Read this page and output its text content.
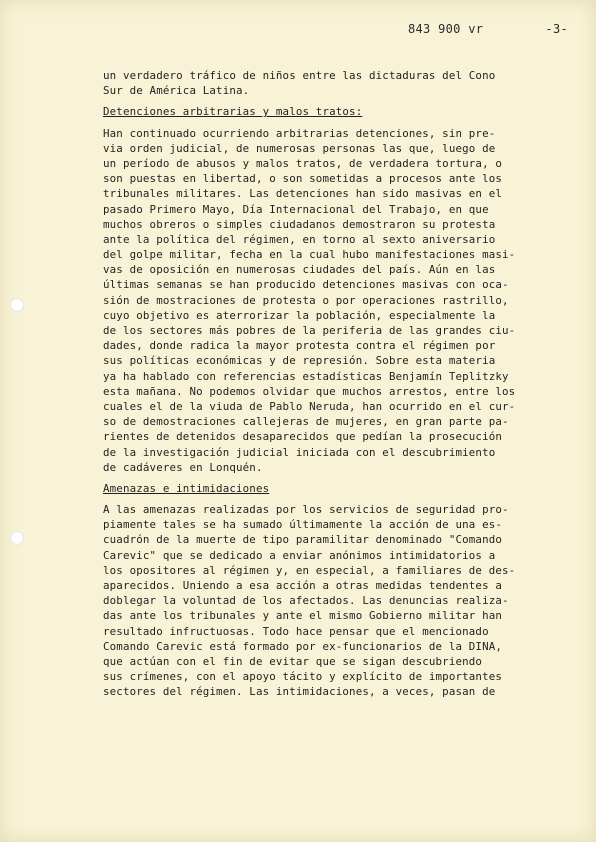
843 900 vr	-3-
un verdadero tráfico de niños entre las dictaduras del Cono
Sur de América Latina.
Detenciones arbitrarias y malos tratos:
Han continuado ocurriendo arbitrarias detenciones, sin pre-
via orden judicial, de numerosas personas las que, luego de
un período de abusos y malos tratos, de verdadera tortura, o
son puestas en libertad, o son sometidas a procesos ante los
tribunales militares. Las detenciones han sido masivas en el
pasado Primero Mayo, Día Internacional del Trabajo, en que
muchos obreros o simples ciudadanos demostraron su protesta
ante la política del régimen, en torno al sexto aniversario
del golpe militar, fecha en la cual hubo manifestaciones masi-
vas de oposición en numerosas ciudades del país. Aún en las
últimas semanas se han producido detenciones masivas con oca-
sión de mostraciones de protesta o por operaciones rastrillo,
cuyo objetivo es aterrorizar la población, especialmente la
de los sectores más pobres de la periferia de las grandes ciu-
dades, donde radica la mayor protesta contra el régimen por
sus políticas económicas y de represión. Sobre esta materia
ya ha hablado con referencias estadísticas Benjamín Teplitzky
esta mañana. No podemos olvidar que muchos arrestos, entre los
cuales el de la viuda de Pablo Neruda, han ocurrido en el cur-
so de demostraciones callejeras de mujeres, en gran parte pa-
rientes de detenidos desaparecidos que pedían la prosecución
de la investigación judicial iniciada con el descubrimiento
de cadáveres en Lonquén.
Amenazas e intimidaciones
A las amenazas realizadas por los servicios de seguridad pro-
piamente tales se ha sumado últimamente la acción de una es-
cuadrón de la muerte de tipo paramilitar denominado "Comando
Carevic" que se dedicado a enviar anónimos intimidatorios a
los opositores al régimen y, en especial, a familiares de des-
aparecidos. Uniendo a esa acción a otras medidas tendentes a
doblegar la voluntad de los afectados. Las denuncias realiza-
das ante los tribunales y ante el mismo Gobierno militar han
resultado infructuosas. Todo hace pensar que el mencionado
Comando Carevic está formado por ex-funcionarios de la DINA,
que actúan con el fin de evitar que se sigan descubriendo
sus crímenes, con el apoyo tácito y explícito de importantes
sectores del régimen. Las intimidaciones, a veces, pasan de
